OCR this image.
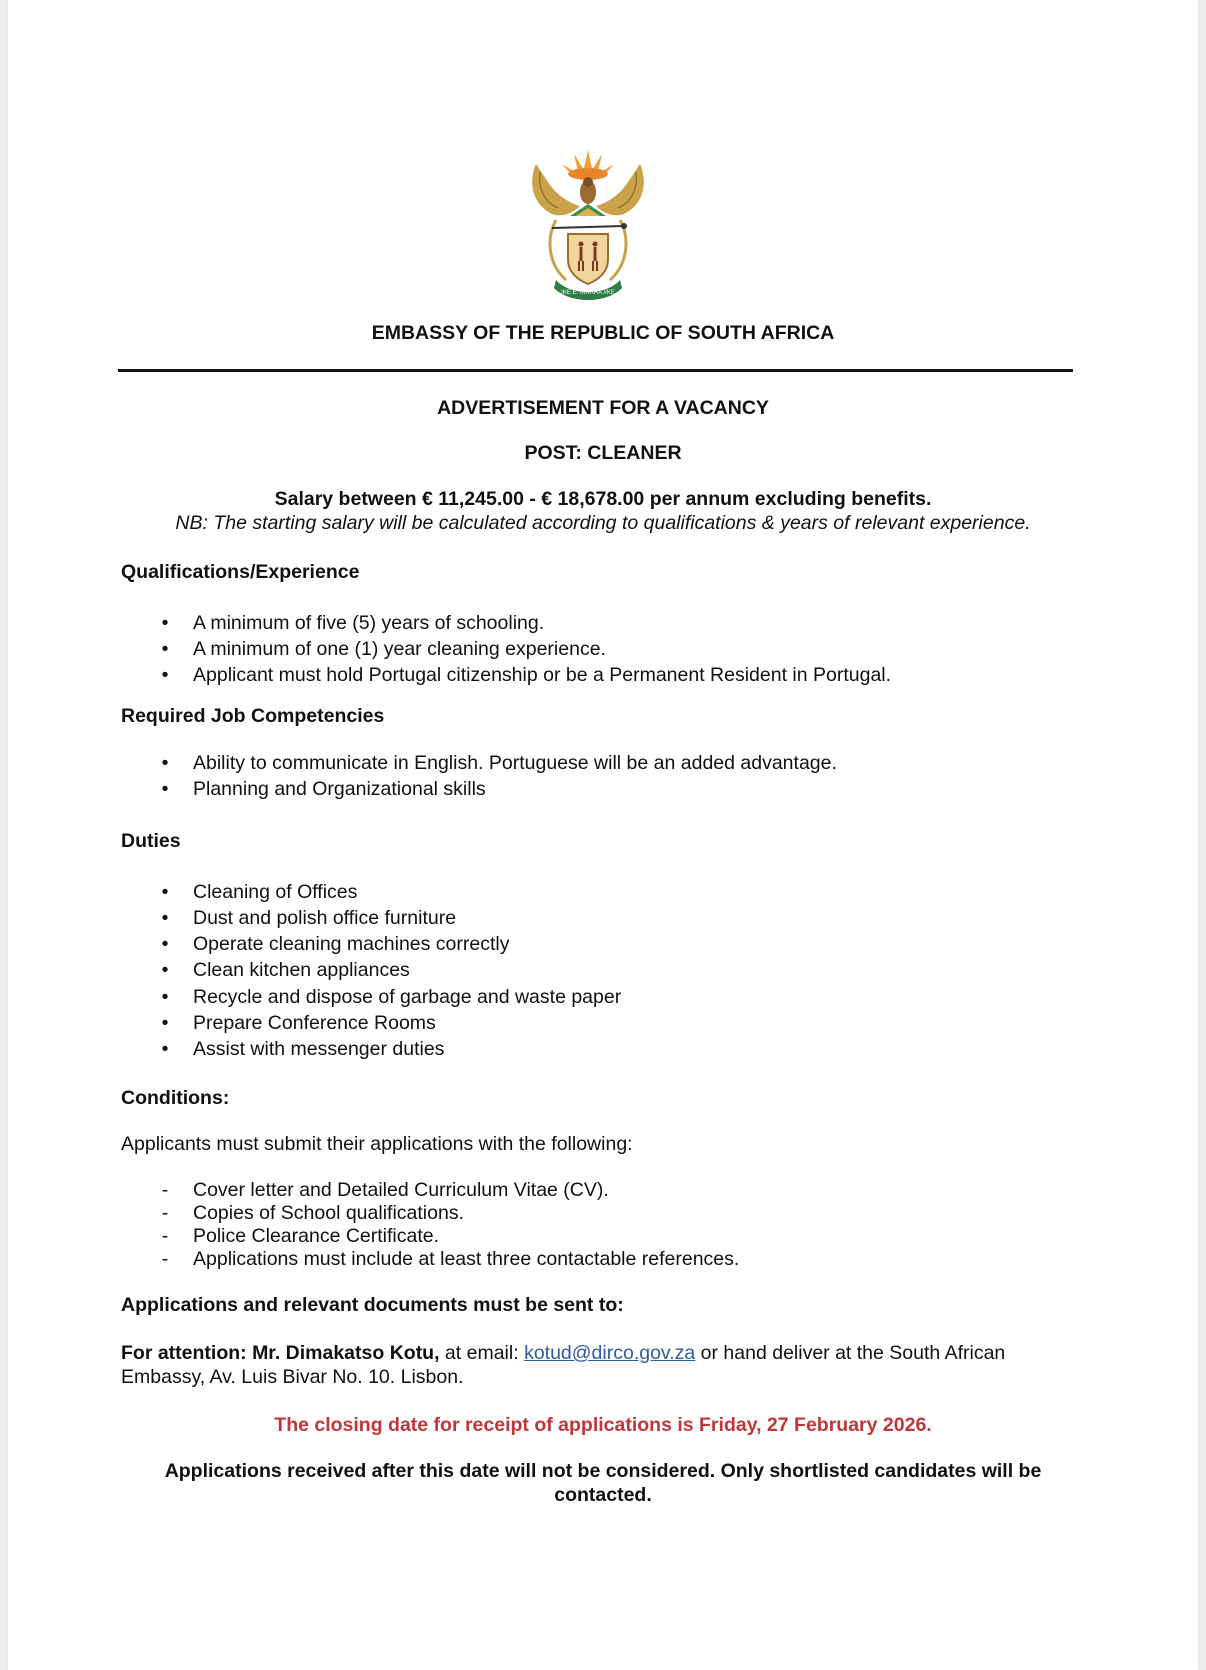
!KE E: /XARRA //KE
EMBASSY OF THE REPUBLIC OF SOUTH AFRICA
ADVERTISEMENT FOR A VACANCY
POST: CLEANER
Salary between € 11,245.00 - € 18,678.00 per annum excluding benefits.
NB: The starting salary will be calculated according to qualifications & years of relevant experience.
Qualifications/Experience
• A minimum of five (5) years of schooling.
• A minimum of one (1) year cleaning experience.
• Applicant must hold Portugal citizenship or be a Permanent Resident in Portugal.
Required Job Competencies
• Ability to communicate in English. Portuguese will be an added advantage.
• Planning and Organizational skills
Duties
• Cleaning of Offices
• Dust and polish office furniture
• Operate cleaning machines correctly
• Clean kitchen appliances
• Recycle and dispose of garbage and waste paper
• Prepare Conference Rooms
• Assist with messenger duties
Conditions:
Applicants must submit their applications with the following:
- Cover letter and Detailed Curriculum Vitae (CV).
- Copies of School qualifications.
- Police Clearance Certificate.
- Applications must include at least three contactable references.
Applications and relevant documents must be sent to:
For attention: Mr. Dimakatso Kotu, at email: kotud@dirco.gov.za or hand deliver at the South African
Embassy, Av. Luis Bivar No. 10. Lisbon.
The closing date for receipt of applications is Friday, 27 February 2026.
Applications received after this date will not be considered. Only shortlisted candidates will be
contacted.
